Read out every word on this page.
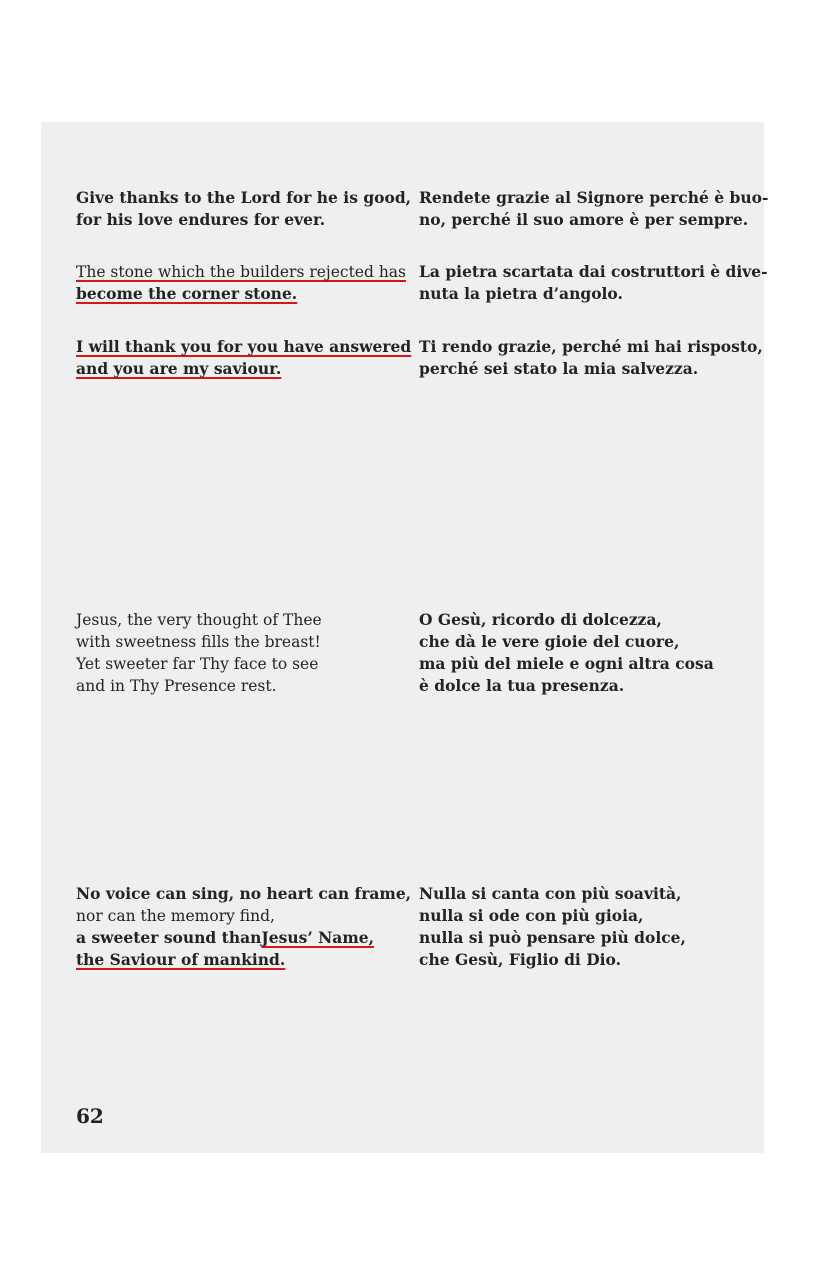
Give thanks to the Lord for he is good,
for his love endures for ever.
Rendete grazie al Signore perché è buo-
no, perché il suo amore è per sempre.
The stone which the builders rejected has
become the corner stone.
La pietra scartata dai costruttori è dive-
nuta la pietra d’angolo.
I will thank you for you have answered
and you are my saviour.
Ti rendo grazie, perché mi hai risposto,
perché sei stato la mia salvezza.
Jesus, the very thought of Thee
with sweetness fills the breast!
Yet sweeter far Thy face to see
and in Thy Presence rest.
O Gesù, ricordo di dolcezza,
che dà le vere gioie del cuore,
ma più del miele e ogni altra cosa
è dolce la tua presenza.
No voice can sing, no heart can frame,
nor can the memory find,
a sweeter sound thanJesus’ Name,
the Saviour of mankind.
Nulla si canta con più soavità,
nulla si ode con più gioia,
nulla si può pensare più dolce,
che Gesù, Figlio di Dio.
62
